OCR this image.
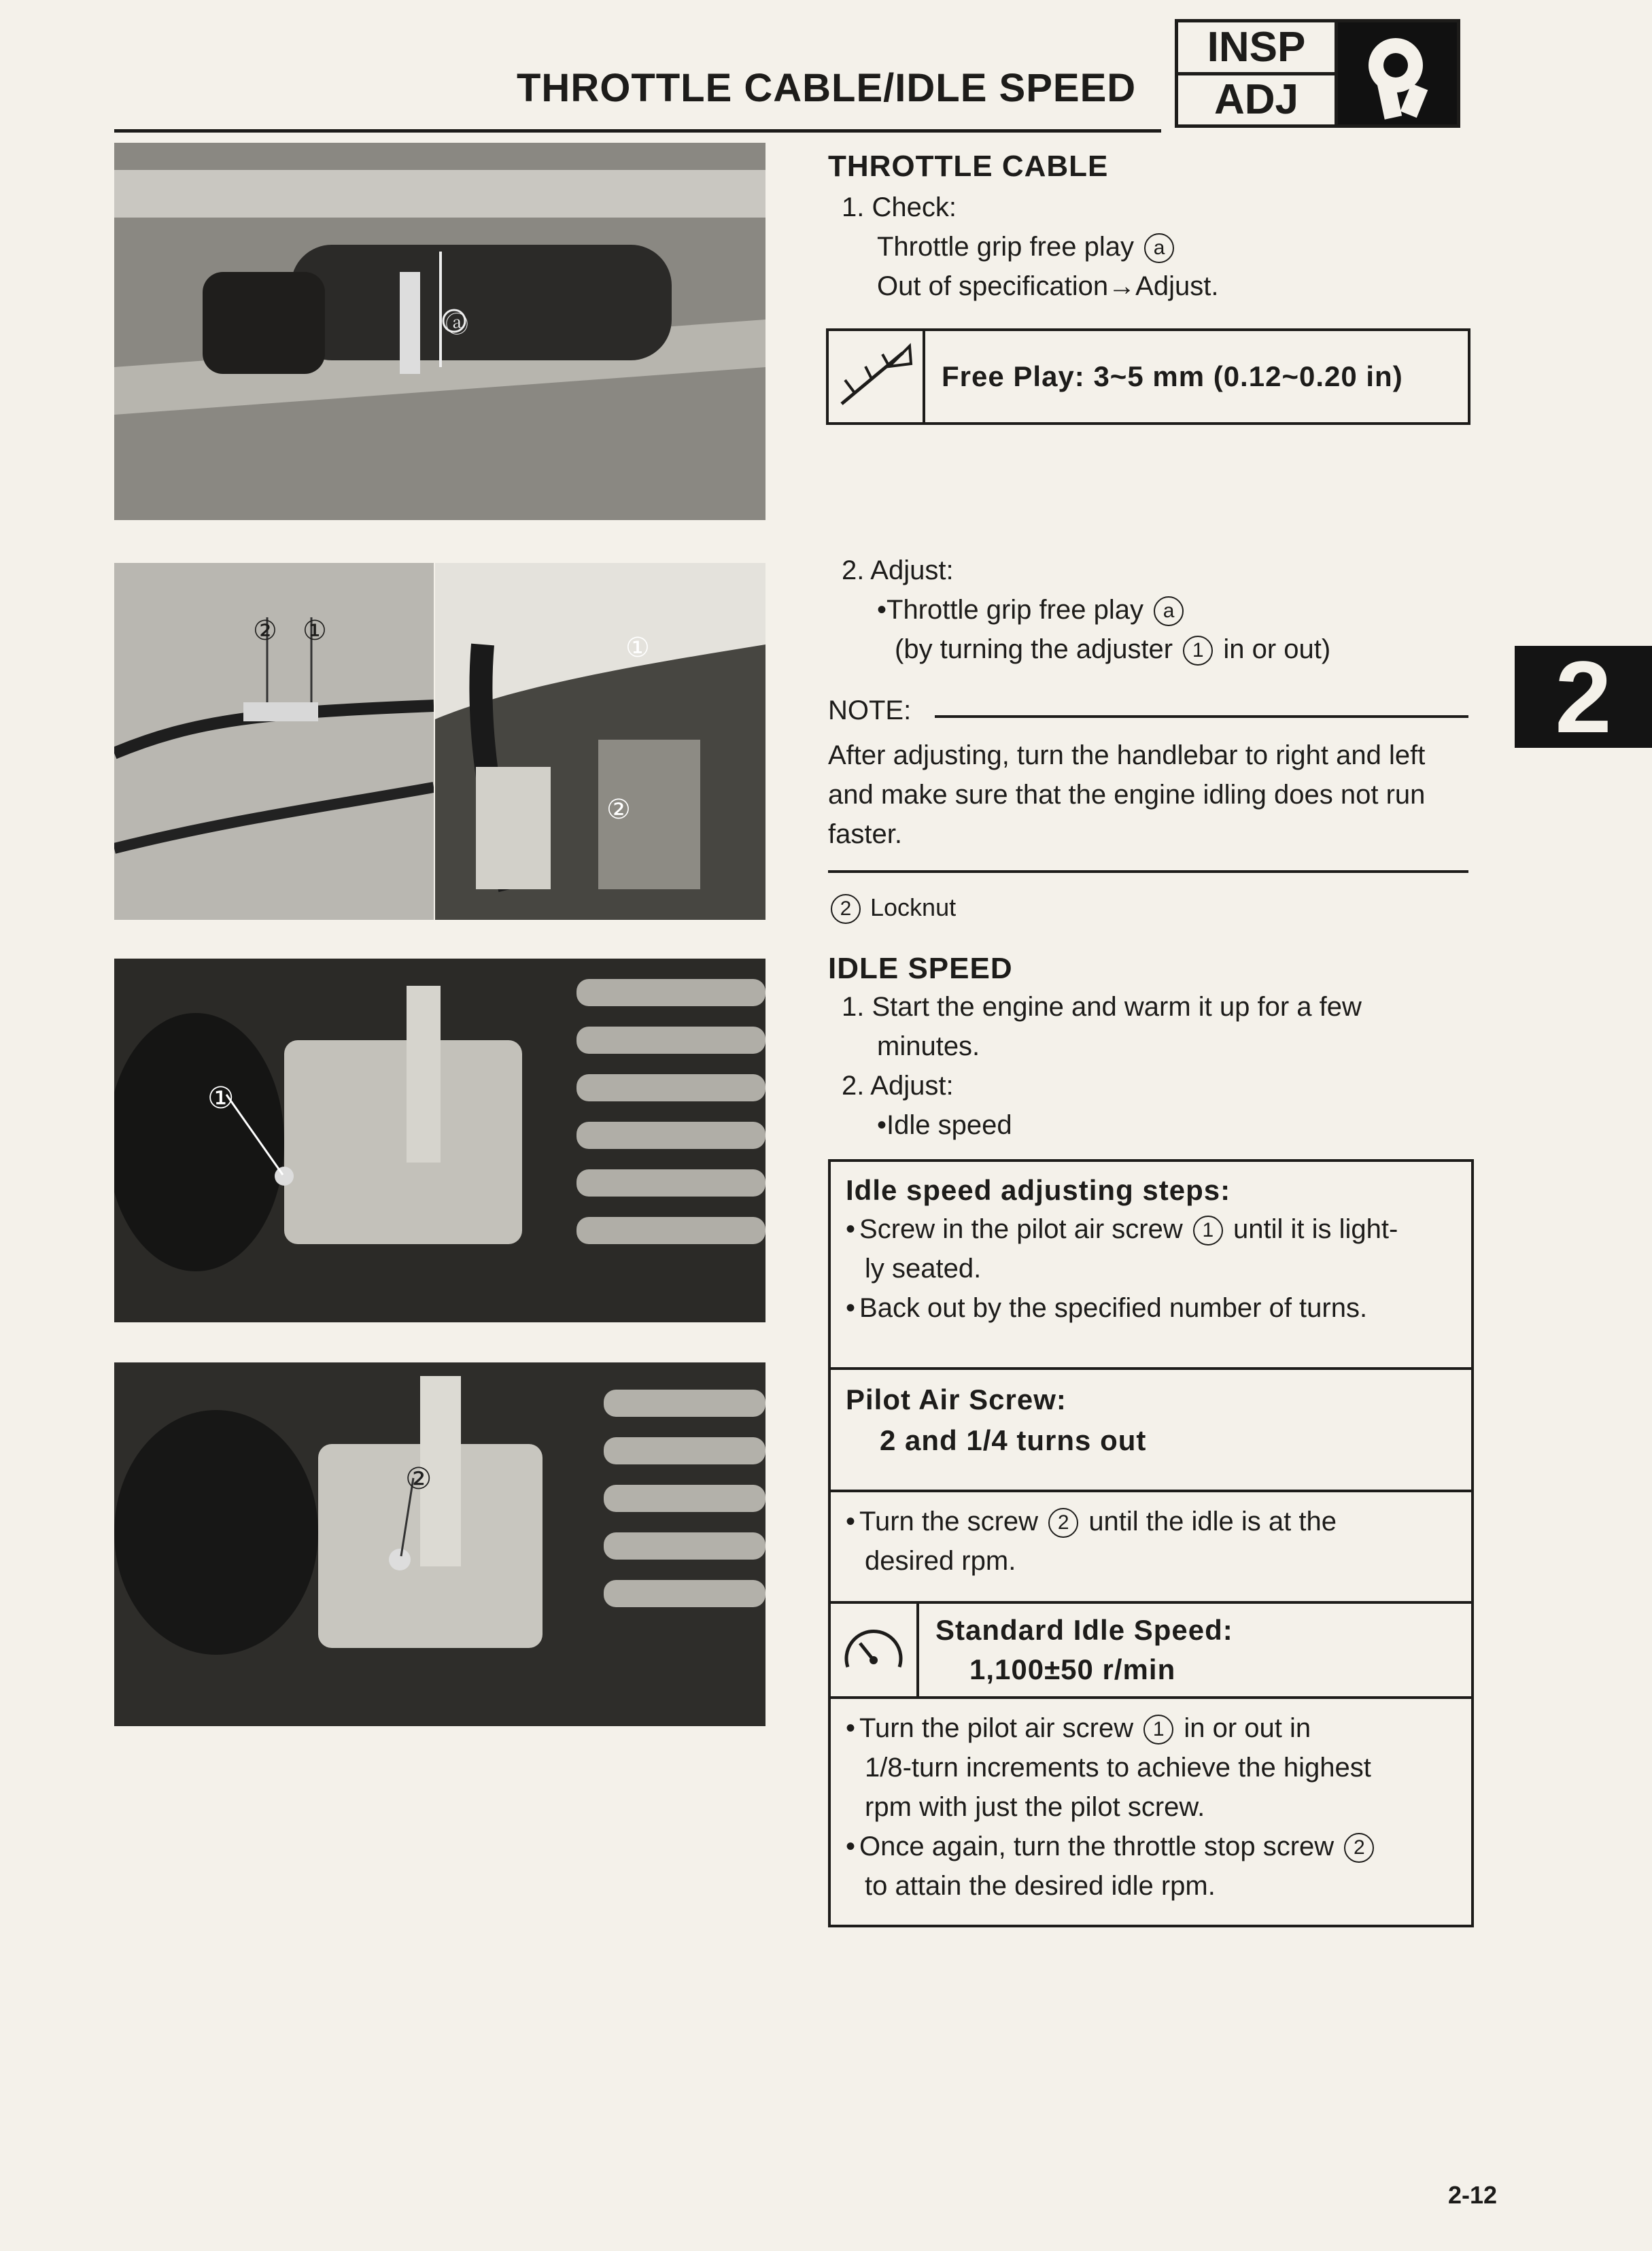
THROTTLE CABLE/IDLE SPEED
INSP
ADJ
ⓐ
② ①
①
②
①
②
THROTTLE CABLE
1. Check:
Throttle grip free play a
Out of specification→Adjust.
Free Play: 3~5 mm (0.12~0.20 in)
2. Adjust:
•Throttle grip free play a
(by turning the adjuster 1 in or out)
NOTE:
After adjusting, turn the handlebar to right and left and make sure that the engine idling does not run faster.
2 Locknut
IDLE SPEED
1. Start the engine and warm it up for a few
minutes.
2. Adjust:
•Idle speed
Idle speed adjusting steps:
• Screw in the pilot air screw 1 until it is light-
ly seated.
• Back out by the specified number of turns.
Pilot Air Screw:
2 and 1/4 turns out
• Turn the screw 2 until the idle is at the
desired rpm.
Standard Idle Speed:
1,100±50 r/min
• Turn the pilot air screw 1 in or out in
1/8-turn increments to achieve the highest
rpm with just the pilot screw.
• Once again, turn the throttle stop screw 2
to attain the desired idle rpm.
2
2-12
